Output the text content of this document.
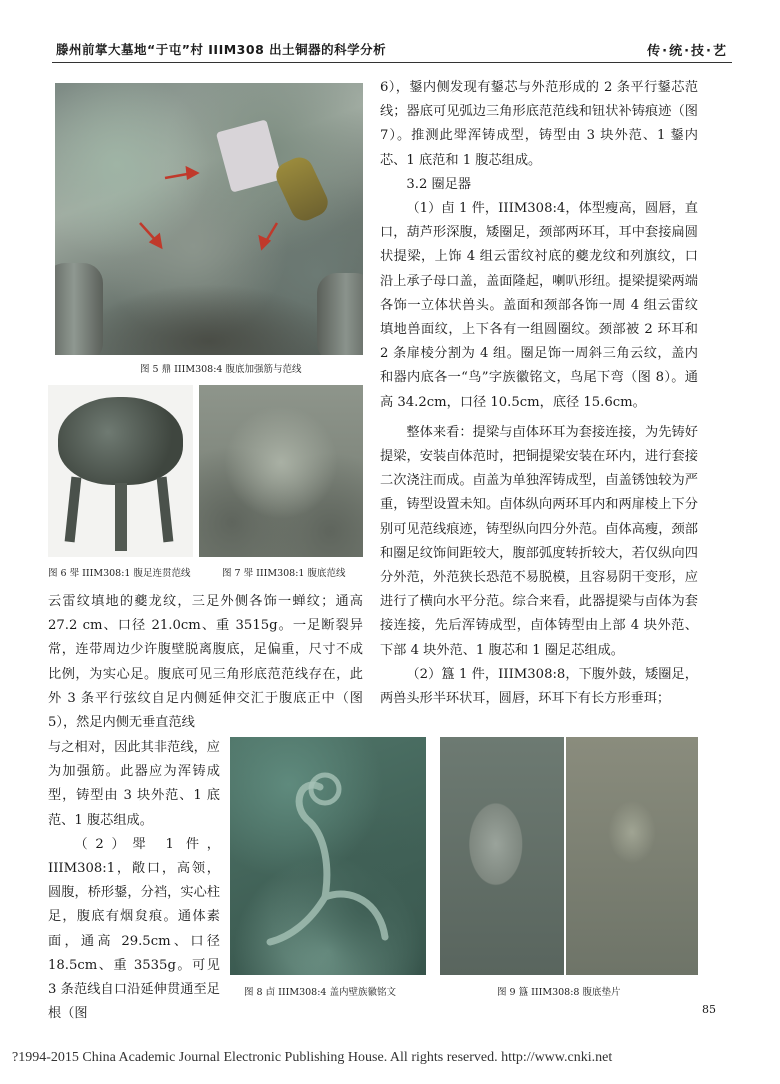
滕州前掌大墓地“于屯”村 IIIM308 出土铜器的科学分析	传·统·技·艺
图 5 鼎 IIIM308:4 腹底加强筋与范线
图 6 斝 IIIM308:1 腹足连贯范线	图 7 斝 IIIM308:1 腹底范线

云雷纹填地的夔龙纹，三足外侧各饰一蝉纹；通高 27.2 cm、口径 21.0cm、重 3515g。一足断裂异常，连带周边少许腹壁脱离腹底，足偏重，尺寸不成比例，为实心足。腹底可见三角形底范范线存在，此外 3 条平行弦纹自足内侧延伸交汇于腹底正中（图5），然足内侧无垂直范线

与之相对，因此其非范线，应为加强筋。此器应为浑铸成型，铸型由 3 块外范、1 底范、1 腹芯组成。

（2）斝 1 件，IIIM308:1，敞口，高领，圆腹，桥形鋬，分裆，实心柱足，腹底有烟炱痕。通体素面，通高 29.5cm、口径 18.5cm、重 3535g。可见 3 条范线自口沿延伸贯通至足根（图

图 8 卣 IIIM308:4 盖内壁族徽铭文	图 9 簋 IIIM308:8 腹底垫片

6），鋬内侧发现有鋬芯与外范形成的 2 条平行鋬芯范线；器底可见弧边三角形底范范线和钮状补铸痕迹（图 7）。推测此斝浑铸成型，铸型由 3 块外范、1 鋬内芯、1 底范和 1 腹芯组成。

3.2 圈足器

（1）卣 1 件，IIIM308:4，体型瘦高，圆唇，直口，葫芦形深腹，矮圈足，颈部两环耳，耳中套接扁圆状提梁，上饰 4 组云雷纹衬底的夔龙纹和列旗纹，口沿上承子母口盖，盖面隆起，喇叭形纽。提梁提梁两端各饰一立体状兽头。盖面和颈部各饰一周 4 组云雷纹填地兽面纹，上下各有一组圆圈纹。颈部被 2 环耳和 2 条扉棱分割为 4 组。圈足饰一周斜三角云纹，盖内和器内底各一“鸟”字族徽铭文，鸟尾下弯（图 8）。通高 34.2cm，口径 10.5cm，底径 15.6cm。

整体来看：提梁与卣体环耳为套接连接，为先铸好提梁，安装卣体范时，把铜提梁安装在环内，进行套接二次浇注而成。卣盖为单独浑铸成型，卣盖锈蚀较为严重，铸型设置未知。卣体纵向两环耳内和两扉棱上下分别可见范线痕迹，铸型纵向四分外范。卣体高瘦，颈部和圈足纹饰间距较大，腹部弧度转折较大，若仅纵向四分外范，外范狭长恐范不易脱模，且容易阴干变形，应进行了横向水平分范。综合来看，此器提梁与卣体为套接连接，先后浑铸成型，卣体铸型由上部 4 块外范、下部 4 块外范、1 腹芯和 1 圈足芯组成。

（2）簋 1 件，IIIM308:8，下腹外鼓，矮圈足，两兽头形半环状耳，圆唇，环耳下有长方形垂珥；

85
?1994-2015 China Academic Journal Electronic Publishing House. All rights reserved. http://www.cnki.net
